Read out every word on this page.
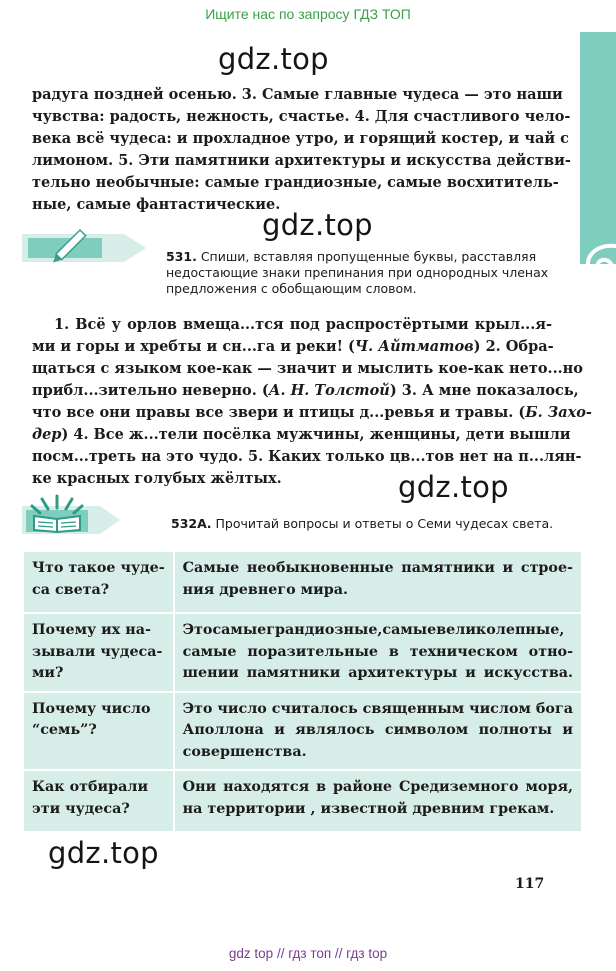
Ищите нас по запросу ГДЗ ТОП
gdz.top
радуга поздней осенью. 3. Самые главные чудеса — это наши
чувства: радость, нежность, счастье. 4. Для счастливого чело-
века всё чудеса: и прохладное утро, и горящий костер, и чай с
лимоном. 5. Эти памятники архитектуры и искусства действи-
тельно необычные: самые грандиозные, самые восхититель-
ные, самые фантастические.
gdz.top
531. Спиши, вставляя пропущенные буквы, расставляя
недостающие знаки препинания при однородных членах
предложения с обобщающим словом.
1. Всё у орлов вмеща...тся под распростёртыми крыл...я-
ми и горы и хребты и сн...га и реки! (Ч. Айтматов) 2. Обра-
щаться с языком кое-как — значит и мыслить кое-как нето...но
прибл...зительно неверно. (А. Н. Толстой) 3. А мне показалось,
что все они правы все звери и птицы д...ревья и травы. (Б. Захо-
дер) 4. Все ж...тели посёлка мужчины, женщины, дети вышли
посм...треть на это чудо. 5. Каких только цв...тов нет на п...лян-
ке красных голубых жёлтых.	gdz.top
532А. Прочитай вопросы и ответы о Семи чудесах света.
Что такое чуде-
са света?	Самые необыкновенные памятники и строе-
ния древнего мира.

Почему их на-
зывали чудеса-
ми?	Этосамыеграндиозные,самыевеликолепные,
самые поразительные в техническом отно-
шении памятники архитектуры и искусства.

Почему число
“семь”?	Это число считалось священным числом бога
Аполлона и являлось символом полноты и
совершенства.

Как отбирали
эти чудеса?	Они находятся в районе Средиземного моря,
на территории , известной древним грекам.
gdz.top
117
gdz top // гдз топ // гдз top
